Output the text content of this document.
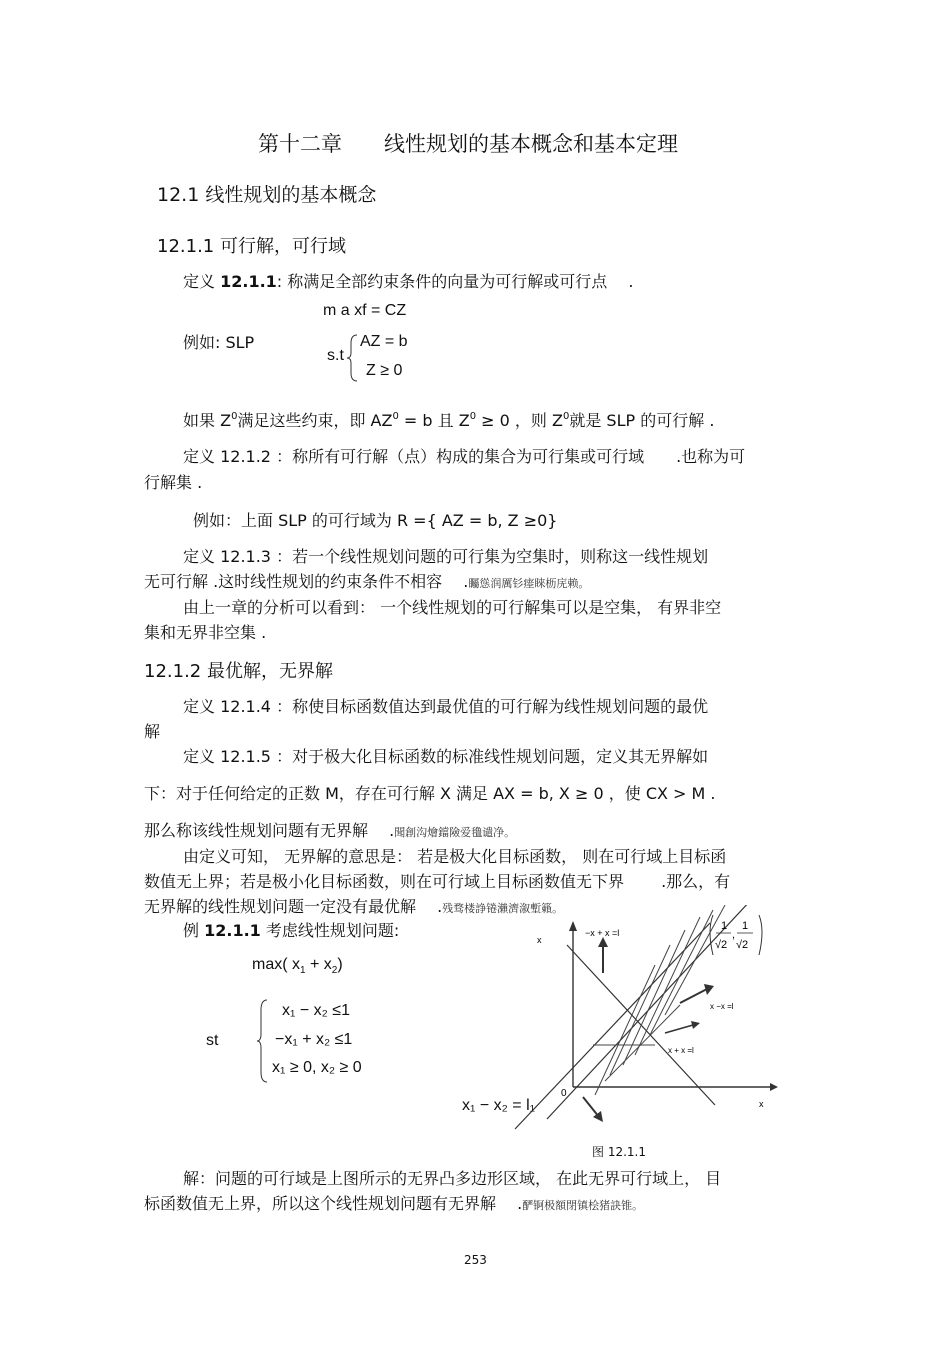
第十二章　　线性规划的基本概念和基本定理
12.1 线性规划的基本概念
12.1.1 可行解，可行域
定义 12.1.1: 称满足全部约束条件的向量为可行解或可行点　 .
m a xf = CZ
例如: SLP
s.t
AZ = b
Z ≥ 0
如果 $Z^0$满足这些约束，即 $AZ^0 = b$ 且 $Z^0 \ge 0$ ，则 $Z^0$就是 SLP 的可行解 .
定义 12.1.2 ：称所有可行解（点）构成的集合为可行集或可行域　　.也称为可
行解集 .
例如：上面 SLP 的可行域为 R ={ AZ = b, Z ≥0}
定义 12.1.3 ：若一个线性规划问题的可行集为空集时，则称这一线性规划
无可行解 .这时线性规划的约束条件不相容　 .矚慫润厲钐瘗睞枥庑赖。
由上一章的分析可以看到： 一个线性规划的可行解集可以是空集， 有界非空
集和无界非空集 .
12.1.2 最优解，无界解
定义 12.1.4 ：称使目标函数值达到最优值的可行解为线性规划问题的最优
解
定义 12.1.5 ：对于极大化目标函数的标准线性规划问题，定义其无界解如
下：对于任何给定的正数 M，存在可行解 X 满足 AX = b, X ≥ 0 ，使 CX > M .
那么称该线性规划问题有无界解　 .聞創沟燴鐺險爱氇谴净。
由定义可知， 无界解的意思是： 若是极大化目标函数， 则在可行域上目标函
数值无上界；若是极小化目标函数，则在可行域上目标函数值无下界　　 .那么，有
无界解的线性规划问题一定没有最优解　 .残骛楼諍锩瀨濟溆塹籟。
例 12.1.1 考虑线性规划问题:
max( $x_1 + x_2$)
st
x₁ − x₂ ≤1
−x₁ + x₂ ≤1
x₁ ≥ 0, x₂ ≥ 0
x
x
0
−x + x =l
x −x =l
x + x =l
1
√2
,
1
√2
x₁ − x₂ = l₁
图 12.1.1
解：问题的可行域是上图所示的无界凸多边形区域， 在此无界可行域上， 目
标函数值无上界，所以这个线性规划问题有无界解　 .酽锕极額閉镇桧猪訣锥。
253
